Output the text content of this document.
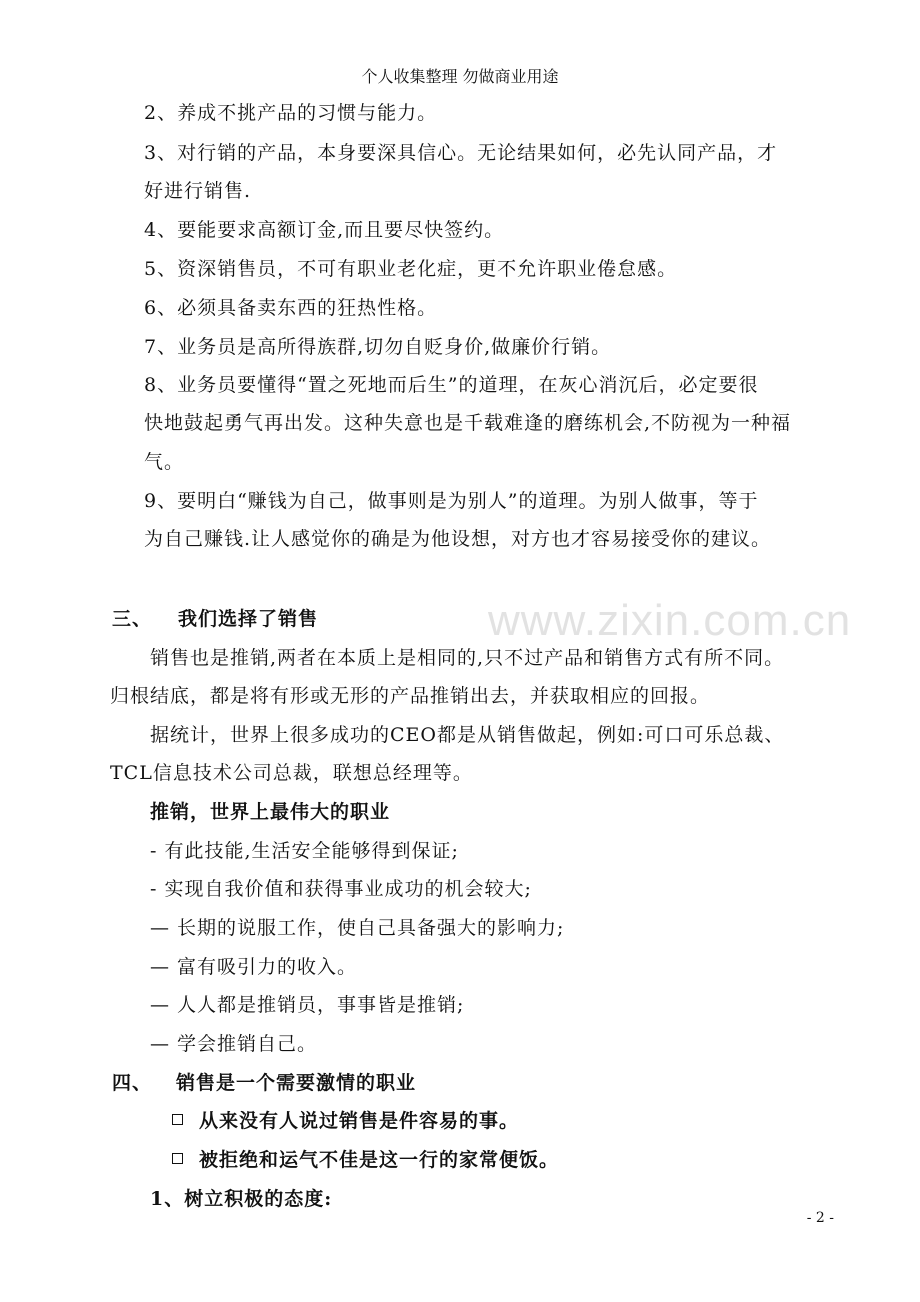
www.zixin.com.cn
个人收集整理 勿做商业用途
2、养成不挑产品的习惯与能力。
3、对行销的产品，本身要深具信心。无论结果如何，必先认同产品，才
好进行销售.
4、要能要求高额订金,而且要尽快签约。
5、资深销售员，不可有职业老化症，更不允许职业倦怠感。
6、必须具备卖东西的狂热性格。
7、业务员是高所得族群,切勿自贬身价,做廉价行销。
8、业务员要懂得“置之死地而后生”的道理，在灰心消沉后，必定要很
快地鼓起勇气再出发。这种失意也是千载难逢的磨练机会,不防视为一种福
气。
9、要明白“赚钱为自己，做事则是为别人”的道理。为别人做事，等于
为自己赚钱.让人感觉你的确是为他设想，对方也才容易接受你的建议。
三、 我们选择了销售
销售也是推销,两者在本质上是相同的,只不过产品和销售方式有所不同。
归根结底，都是将有形或无形的产品推销出去，并获取相应的回报。
据统计，世界上很多成功的CEO都是从销售做起，例如:可口可乐总裁、
TCL信息技术公司总裁，联想总经理等。
推销，世界上最伟大的职业
- 有此技能,生活安全能够得到保证;
- 实现自我价值和获得事业成功的机会较大;
— 长期的说服工作，使自己具备强大的影响力;
— 富有吸引力的收入。
— 人人都是推销员，事事皆是推销;
— 学会推销自己。
四、 销售是一个需要激情的职业
从来没有人说过销售是件容易的事。
被拒绝和运气不佳是这一行的家常便饭。
1、树立积极的态度:
- 2 -
